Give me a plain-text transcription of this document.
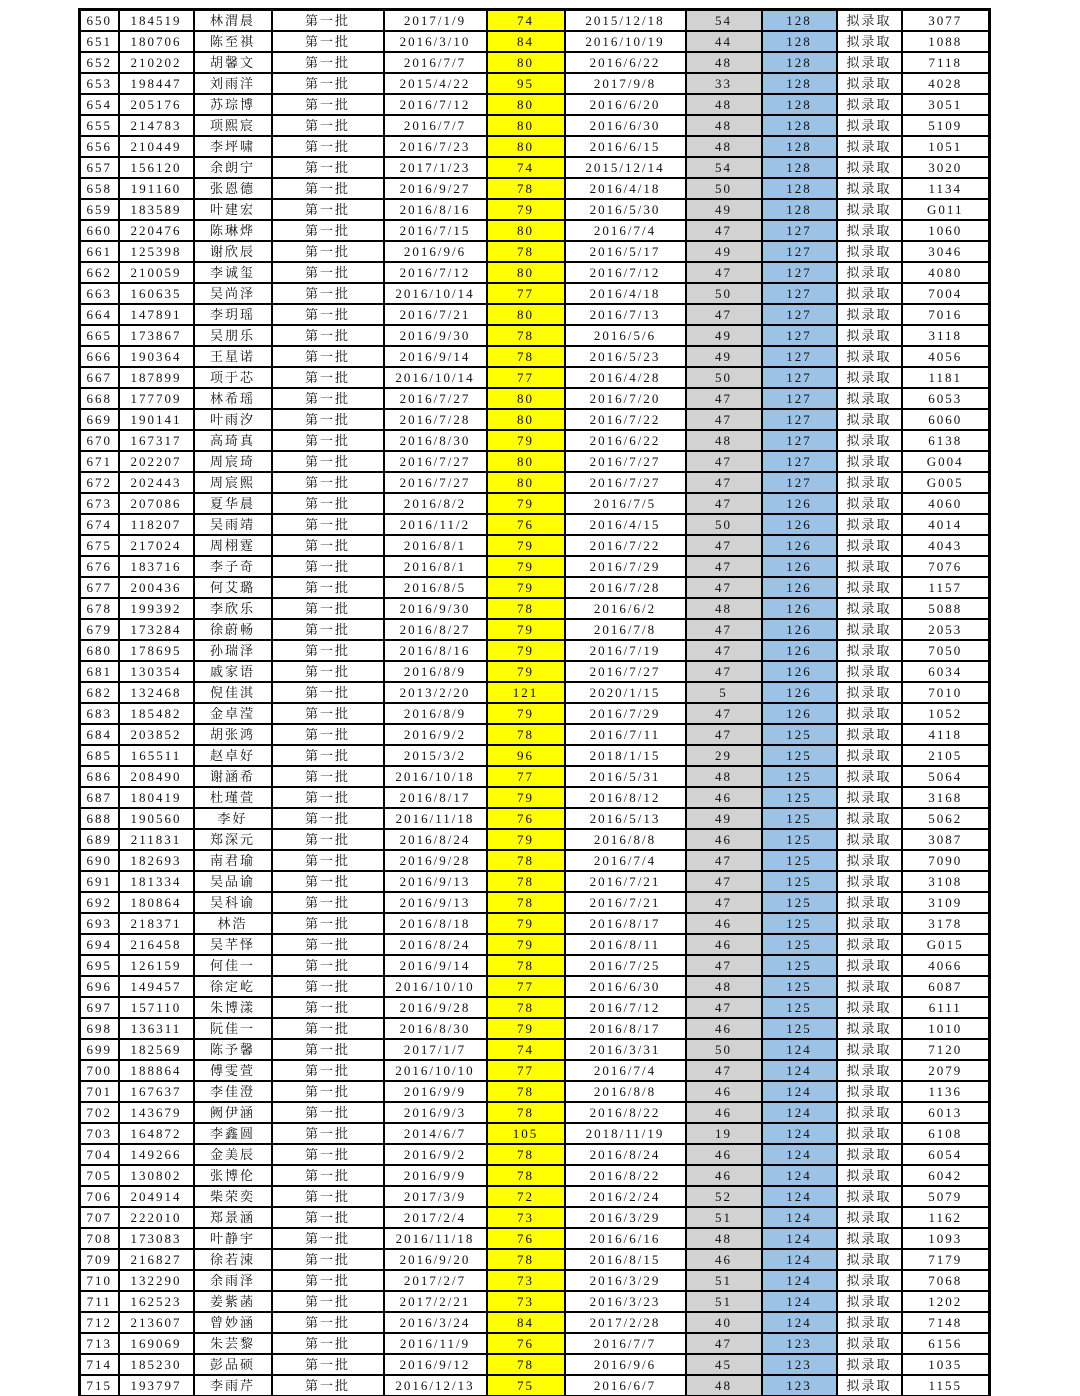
650	184519	林渭晨	第一批	2017/1/9	74	2015/12/18	54	128	拟录取	3077
651	180706	陈至祺	第一批	2016/3/10	84	2016/10/19	44	128	拟录取	1088
652	210202	胡馨文	第一批	2016/7/7	80	2016/6/22	48	128	拟录取	7118
653	198447	刘雨洋	第一批	2015/4/22	95	2017/9/8	33	128	拟录取	4028
654	205176	苏琮博	第一批	2016/7/12	80	2016/6/20	48	128	拟录取	3051
655	214783	项熙宸	第一批	2016/7/7	80	2016/6/30	48	128	拟录取	5109
656	210449	李坪啸	第一批	2016/7/23	80	2016/6/15	48	128	拟录取	1051
657	156120	余朗宁	第一批	2017/1/23	74	2015/12/14	54	128	拟录取	3020
658	191160	张恩德	第一批	2016/9/27	78	2016/4/18	50	128	拟录取	1134
659	183589	叶建宏	第一批	2016/8/16	79	2016/5/30	49	128	拟录取	G011
660	220476	陈琳烨	第一批	2016/7/15	80	2016/7/4	47	127	拟录取	1060
661	125398	谢欣辰	第一批	2016/9/6	78	2016/5/17	49	127	拟录取	3046
662	210059	李诚玺	第一批	2016/7/12	80	2016/7/12	47	127	拟录取	4080
663	160635	吴尚泽	第一批	2016/10/14	77	2016/4/18	50	127	拟录取	7004
664	147891	李玥瑶	第一批	2016/7/21	80	2016/7/13	47	127	拟录取	7016
665	173867	吴朋乐	第一批	2016/9/30	78	2016/5/6	49	127	拟录取	3118
666	190364	王星诺	第一批	2016/9/14	78	2016/5/23	49	127	拟录取	4056
667	187899	项于芯	第一批	2016/10/14	77	2016/4/28	50	127	拟录取	1181
668	177709	林希瑶	第一批	2016/7/27	80	2016/7/20	47	127	拟录取	6053
669	190141	叶雨汐	第一批	2016/7/28	80	2016/7/22	47	127	拟录取	6060
670	167317	高琦真	第一批	2016/8/30	79	2016/6/22	48	127	拟录取	6138
671	202207	周宸琦	第一批	2016/7/27	80	2016/7/27	47	127	拟录取	G004
672	202443	周宸熙	第一批	2016/7/27	80	2016/7/27	47	127	拟录取	G005
673	207086	夏华晨	第一批	2016/8/2	79	2016/7/5	47	126	拟录取	4060
674	118207	吴雨靖	第一批	2016/11/2	76	2016/4/15	50	126	拟录取	4014
675	217024	周栩霆	第一批	2016/8/1	79	2016/7/22	47	126	拟录取	4043
676	183716	李子奇	第一批	2016/8/1	79	2016/7/29	47	126	拟录取	7076
677	200436	何艾璐	第一批	2016/8/5	79	2016/7/28	47	126	拟录取	1157
678	199392	李欣乐	第一批	2016/9/30	78	2016/6/2	48	126	拟录取	5088
679	173284	徐蔚畅	第一批	2016/8/27	79	2016/7/8	47	126	拟录取	2053
680	178695	孙瑞泽	第一批	2016/8/16	79	2016/7/19	47	126	拟录取	7050
681	130354	戚家语	第一批	2016/8/9	79	2016/7/27	47	126	拟录取	6034
682	132468	倪佳淇	第一批	2013/2/20	121	2020/1/15	5	126	拟录取	7010
683	185482	金卓滢	第一批	2016/8/9	79	2016/7/29	47	126	拟录取	1052
684	203852	胡张鸿	第一批	2016/9/2	78	2016/7/11	47	125	拟录取	4118
685	165511	赵卓好	第一批	2015/3/2	96	2018/1/15	29	125	拟录取	2105
686	208490	谢涵希	第一批	2016/10/18	77	2016/5/31	48	125	拟录取	5064
687	180419	杜瑾萱	第一批	2016/8/17	79	2016/8/12	46	125	拟录取	3168
688	190560	李好	第一批	2016/11/18	76	2016/5/13	49	125	拟录取	5062
689	211831	郑深元	第一批	2016/8/24	79	2016/8/8	46	125	拟录取	3087
690	182693	南君瑜	第一批	2016/9/28	78	2016/7/4	47	125	拟录取	7090
691	181334	吴品谕	第一批	2016/9/13	78	2016/7/21	47	125	拟录取	3108
692	180864	吴科谕	第一批	2016/9/13	78	2016/7/21	47	125	拟录取	3109
693	218371	林浩	第一批	2016/8/18	79	2016/8/17	46	125	拟录取	3178
694	216458	吴芊怿	第一批	2016/8/24	79	2016/8/11	46	125	拟录取	G015
695	126159	何佳一	第一批	2016/9/14	78	2016/7/25	47	125	拟录取	4066
696	149457	徐定屹	第一批	2016/10/10	77	2016/6/30	48	125	拟录取	6087
697	157110	朱博漾	第一批	2016/9/28	78	2016/7/12	47	125	拟录取	6111
698	136311	阮佳一	第一批	2016/8/30	79	2016/8/17	46	125	拟录取	1010
699	182569	陈予馨	第一批	2017/1/7	74	2016/3/31	50	124	拟录取	7120
700	188864	傅雯萱	第一批	2016/10/10	77	2016/7/4	47	124	拟录取	2079
701	167637	李佳澄	第一批	2016/9/9	78	2016/8/8	46	124	拟录取	1136
702	143679	阙伊涵	第一批	2016/9/3	78	2016/8/22	46	124	拟录取	6013
703	164872	李鑫圆	第一批	2014/6/7	105	2018/11/19	19	124	拟录取	6108
704	149266	金美辰	第一批	2016/9/2	78	2016/8/24	46	124	拟录取	6054
705	130802	张博伦	第一批	2016/9/9	78	2016/8/22	46	124	拟录取	6042
706	204914	柴荣奕	第一批	2017/3/9	72	2016/2/24	52	124	拟录取	5079
707	222010	郑景涵	第一批	2017/2/4	73	2016/3/29	51	124	拟录取	1162
708	173083	叶静宇	第一批	2016/11/18	76	2016/6/16	48	124	拟录取	1093
709	216827	徐若涑	第一批	2016/9/20	78	2016/8/15	46	124	拟录取	7179
710	132290	余雨泽	第一批	2017/2/7	73	2016/3/29	51	124	拟录取	7068
711	162523	姜紫菡	第一批	2017/2/21	73	2016/3/23	51	124	拟录取	1202
712	213607	曾妙涵	第一批	2016/3/24	84	2017/2/28	40	124	拟录取	7148
713	169069	朱芸黎	第一批	2016/11/9	76	2016/7/7	47	123	拟录取	6156
714	185230	彭品硕	第一批	2016/9/12	78	2016/9/6	45	123	拟录取	1035
715	193797	李雨芹	第一批	2016/12/13	75	2016/6/7	48	123	拟录取	1155
